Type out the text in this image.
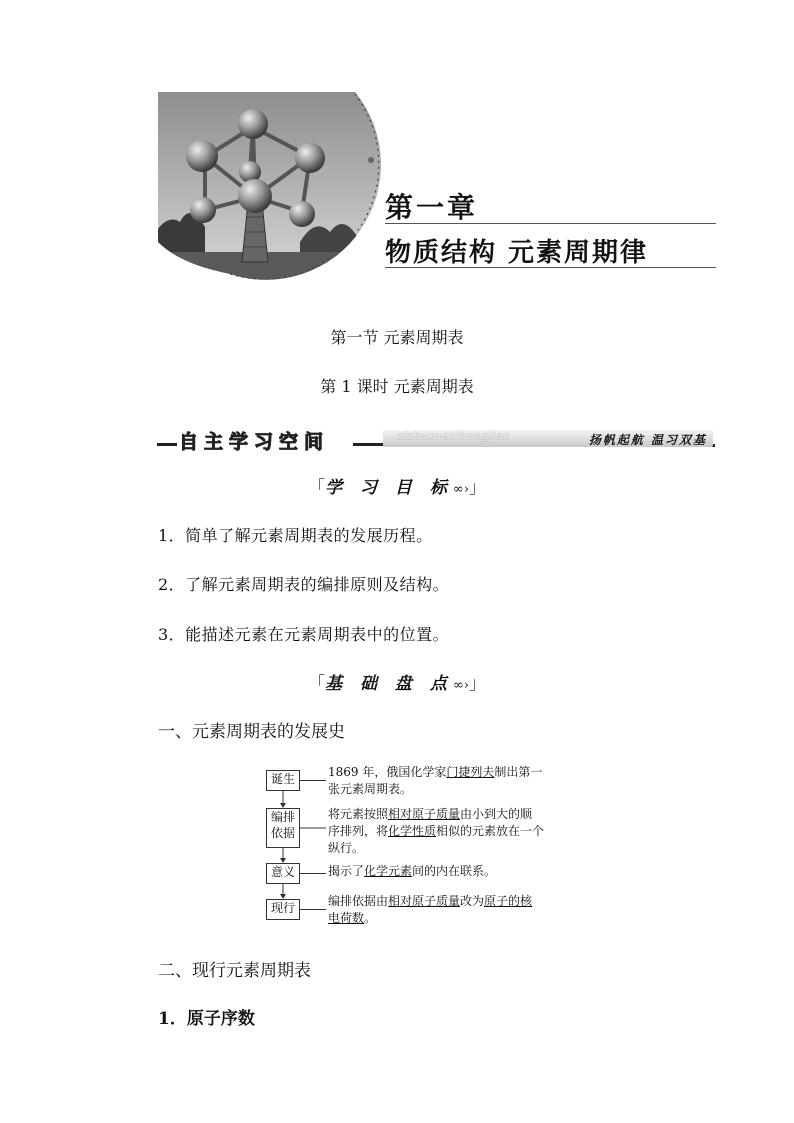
第一章
物质结构 元素周期律
第一节 元素周期表
第 1 课时 元素周期表
自主学习空间	zizhuxuexikongjian	扬帆起航 温习双基
「学 习 目 标∞›」
1．简单了解元素周期表的发展历程。
2．了解元素周期表的编排原则及结构。
3．能描述元素在元素周期表中的位置。
「基 础 盘 点∞›」
一、元素周期表的发展史
诞生	1869 年，俄国化学家门捷列夫制出第一
张元素周期表。
编排
依据
将元素按照相对原子质量由小到大的顺
序排列，将化学性质相似的元素放在一个
纵行。
意义	揭示了化学元素间的内在联系。
现行	编排依据由相对原子质量改为原子的核
电荷数。
二、现行元素周期表
1．原子序数
